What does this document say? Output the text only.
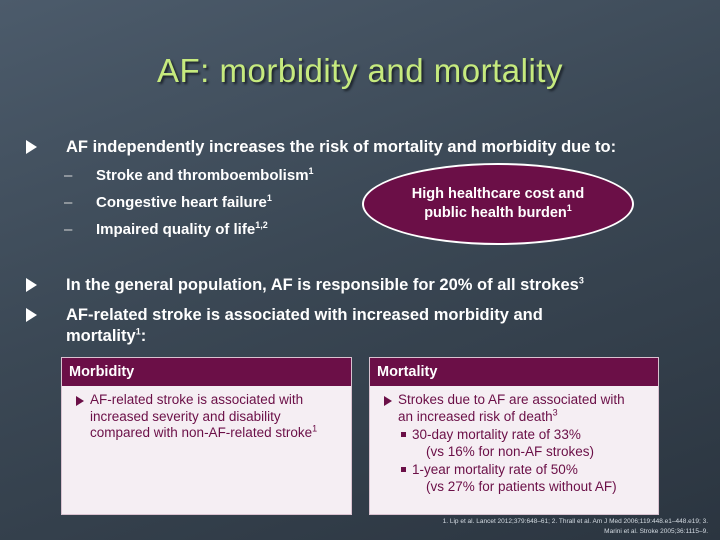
AF: morbidity and mortality
AF independently increases the risk of mortality and morbidity due to:
– Stroke and thromboembolism$^1$
– Congestive heart failure$^1$
– Impaired quality of life$^{1,2}$
High healthcare cost and
public health burden$^1$
In the general population, AF is responsible for 20% of all strokes$^3$
AF-related stroke is associated with increased morbidity and
mortality$^1$:
Morbidity
AF-related stroke is associated with
increased severity and disability
compared with non-AF-related stroke$^1$
Mortality
Strokes due to AF are associated with
an increased risk of death$^3$
30-day mortality rate of 33%
(vs 16% for non-AF strokes)
1-year mortality rate of 50%
(vs 27% for patients without AF)
1. Lip et al. Lancet 2012;379:648–61; 2. Thrall et al. Am J Med 2006;119:448.e1–448.e19; 3.
Marini et al. Stroke 2005;36:1115–9.
